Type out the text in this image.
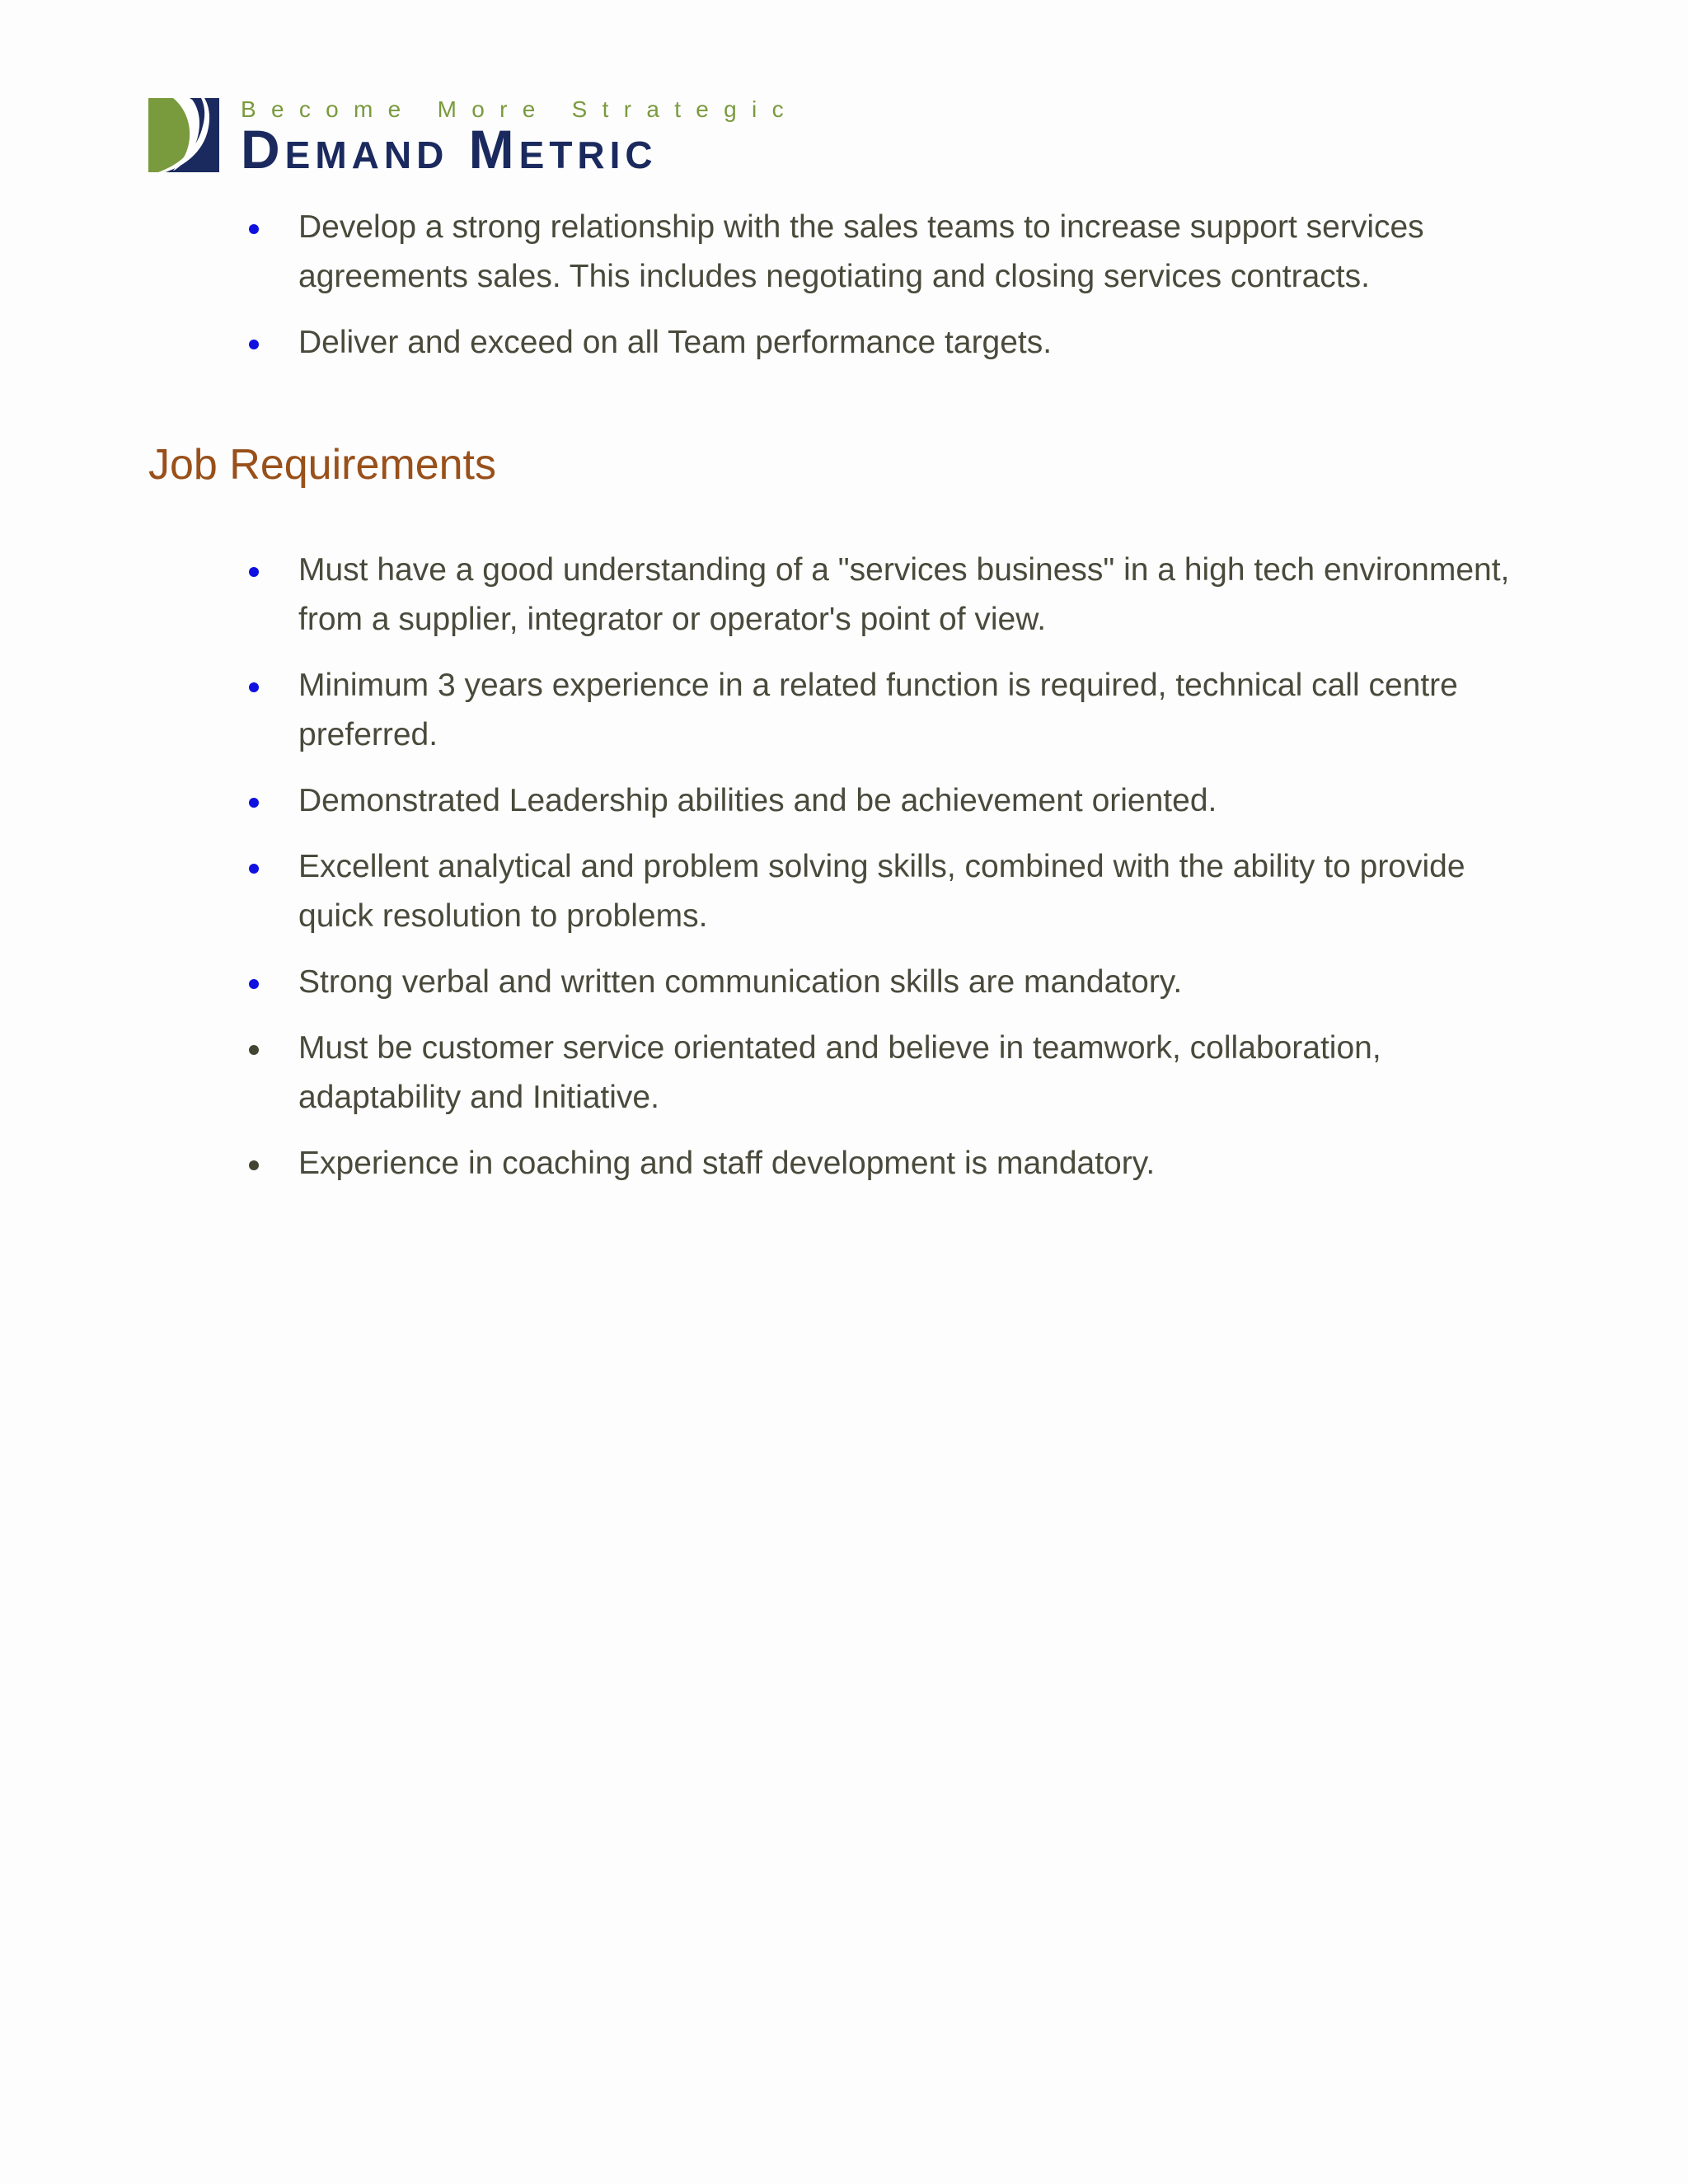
Become More Strategic
Demand Metric
Develop a strong relationship with the sales teams to increase support services agreements sales. This includes negotiating and closing services contracts.
Deliver and exceed on all Team performance targets.
Job Requirements
Must have a good understanding of a "services business" in a high tech environment, from a supplier, integrator or operator's point of view.
Minimum 3 years experience in a related function is required, technical call centre preferred.
Demonstrated Leadership abilities and be achievement oriented.
Excellent analytical and problem solving skills, combined with the ability to provide quick resolution to problems.
Strong verbal and written communication skills are mandatory.
Must be customer service orientated and believe in teamwork, collaboration, adaptability and Initiative.
Experience in coaching and staff development is mandatory.
